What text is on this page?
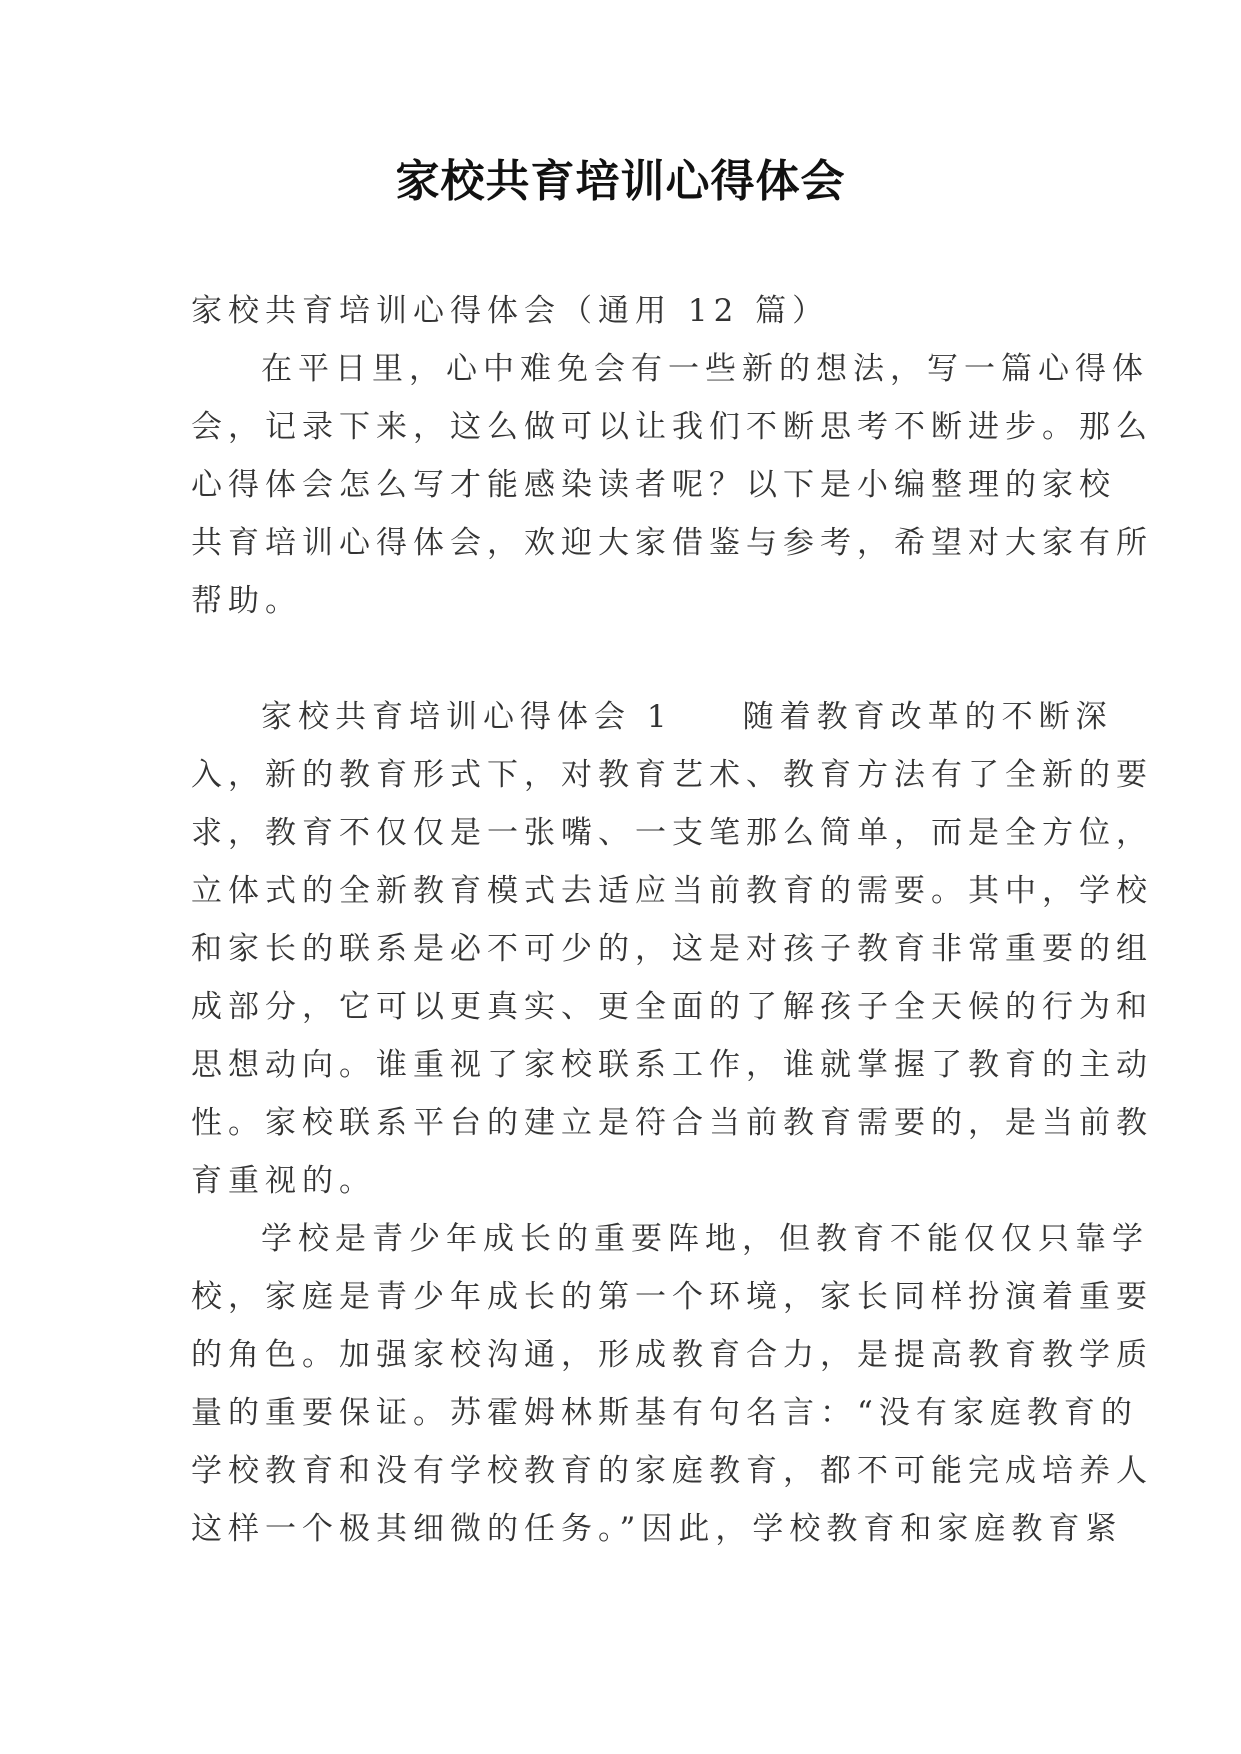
家校共育培训心得体会
家校共育培训心得体会（通用 12 篇）
在平日里，心中难免会有一些新的想法，写一篇心得体
会，记录下来，这么做可以让我们不断思考不断进步。那么
心得体会怎么写才能感染读者呢？以下是小编整理的家校
共育培训心得体会，欢迎大家借鉴与参考，希望对大家有所
帮助。
家校共育培训心得体会 1 随着教育改革的不断深
入，新的教育形式下，对教育艺术、教育方法有了全新的要
求，教育不仅仅是一张嘴、一支笔那么简单，而是全方位，
立体式的全新教育模式去适应当前教育的需要。其中，学校
和家长的联系是必不可少的，这是对孩子教育非常重要的组
成部分，它可以更真实、更全面的了解孩子全天候的行为和
思想动向。谁重视了家校联系工作，谁就掌握了教育的主动
性。家校联系平台的建立是符合当前教育需要的，是当前教
育重视的。
学校是青少年成长的重要阵地，但教育不能仅仅只靠学
校，家庭是青少年成长的第一个环境，家长同样扮演着重要
的角色。加强家校沟通，形成教育合力，是提高教育教学质
量的重要保证。苏霍姆林斯基有句名言：“没有家庭教育的
学校教育和没有学校教育的家庭教育，都不可能完成培养人
这样一个极其细微的任务。”因此，学校教育和家庭教育紧
